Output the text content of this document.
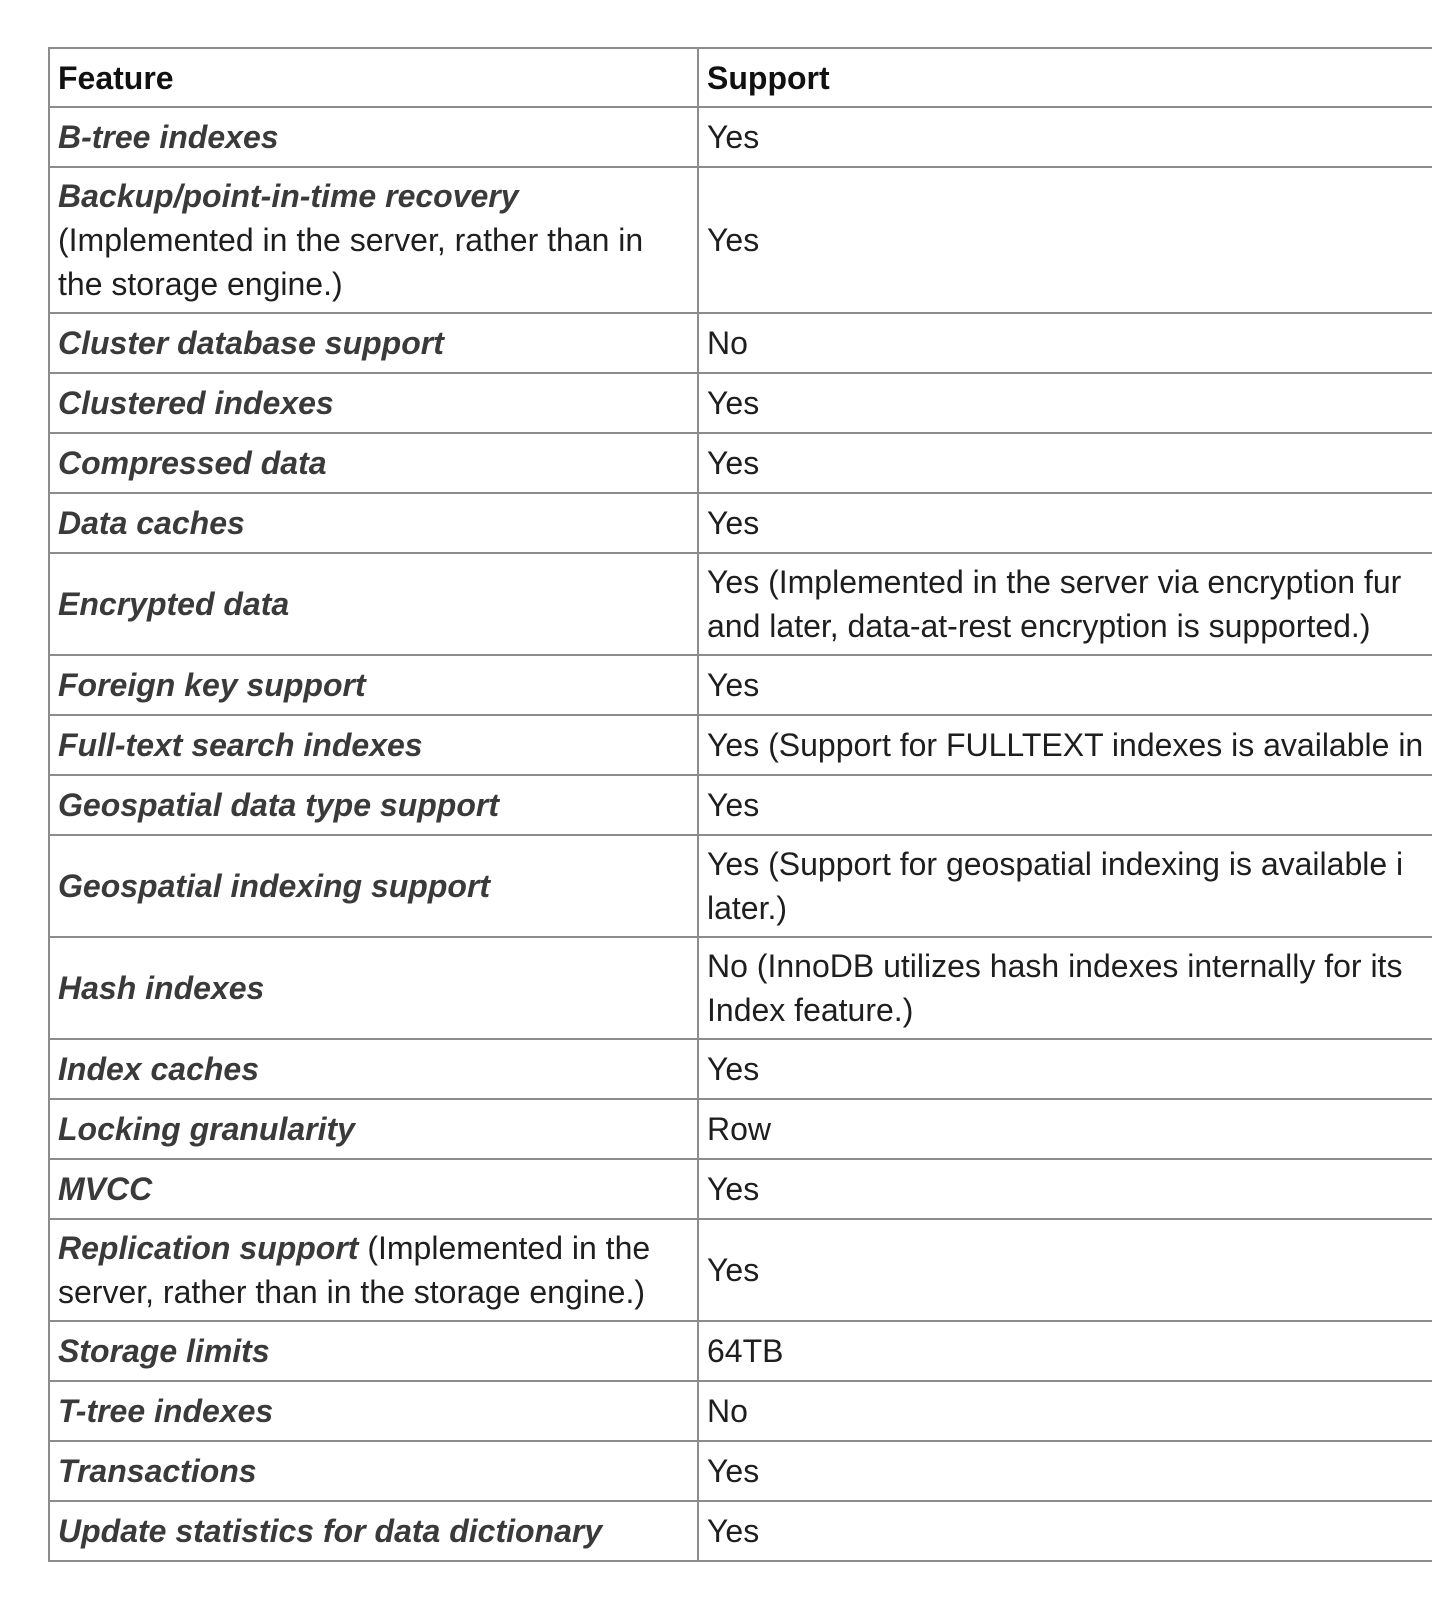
Feature	Support
B-tree indexes	Yes

Backup/point-in-time recovery (Implemented in the server, rather than in the storage engine.)	Yes

Cluster database support	No

Clustered indexes	Yes

Compressed data	Yes

Data caches	Yes

Encrypted data	Yes (Implemented in the server via encryption fur
and later, data-at-rest encryption is supported.)

Foreign key support	Yes

Full-text search indexes	Yes (Support for FULLTEXT indexes is available in

Geospatial data type support	Yes

Geospatial indexing support	Yes (Support for geospatial indexing is available i
later.)

Hash indexes	No (InnoDB utilizes hash indexes internally for its
Index feature.)

Index caches	Yes

Locking granularity	Row

MVCC	Yes

Replication support (Implemented in the server, rather than in the storage engine.)	Yes

Storage limits	64TB

T-tree indexes	No

Transactions	Yes

Update statistics for data dictionary	Yes
